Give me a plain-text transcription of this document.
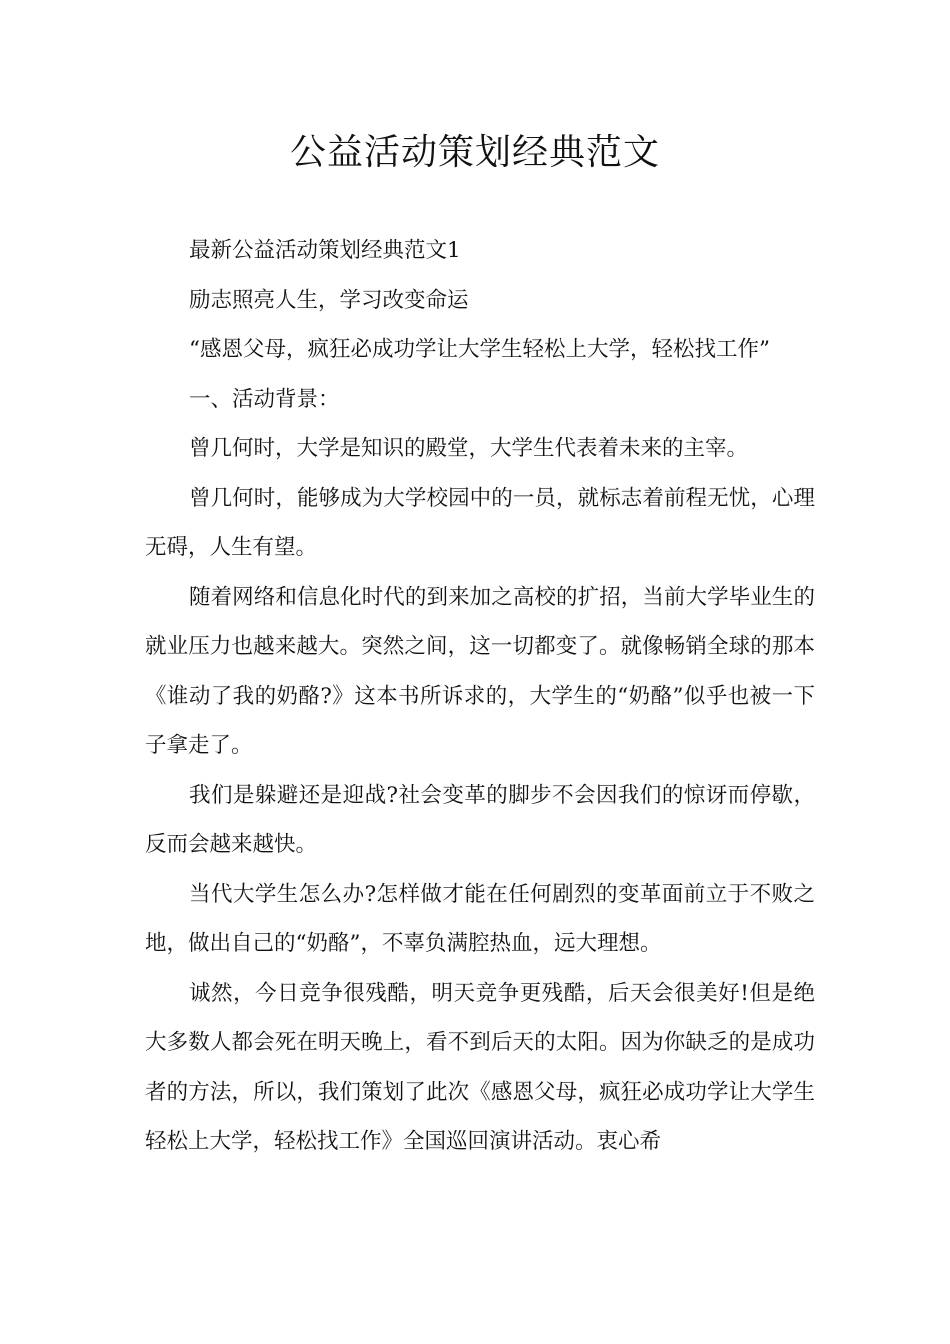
公益活动策划经典范文

最新公益活动策划经典范文1

励志照亮人生，学习改变命运

“感恩父母，疯狂必成功学让大学生轻松上大学，轻松找工作”

一、活动背景：

曾几何时，大学是知识的殿堂，大学生代表着未来的主宰。

曾几何时，能够成为大学校园中的一员，就标志着前程无忧，心理无碍，人生有望。

随着网络和信息化时代的到来加之高校的扩招，当前大学毕业生的就业压力也越来越大。突然之间，这一切都变了。就像畅销全球的那本《谁动了我的奶酪?》这本书所诉求的，大学生的“奶酪”似乎也被一下子拿走了。

我们是躲避还是迎战?社会变革的脚步不会因我们的惊讶而停歇，反而会越来越快。

当代大学生怎么办?怎样做才能在任何剧烈的变革面前立于不败之地，做出自己的“奶酪”，不辜负满腔热血，远大理想。

诚然，今日竞争很残酷，明天竞争更残酷，后天会很美好!但是绝大多数人都会死在明天晚上，看不到后天的太阳。因为你缺乏的是成功者的方法，所以，我们策划了此次《感恩父母，疯狂必成功学让大学生轻松上大学，轻松找工作》全国巡回演讲活动。衷心希
